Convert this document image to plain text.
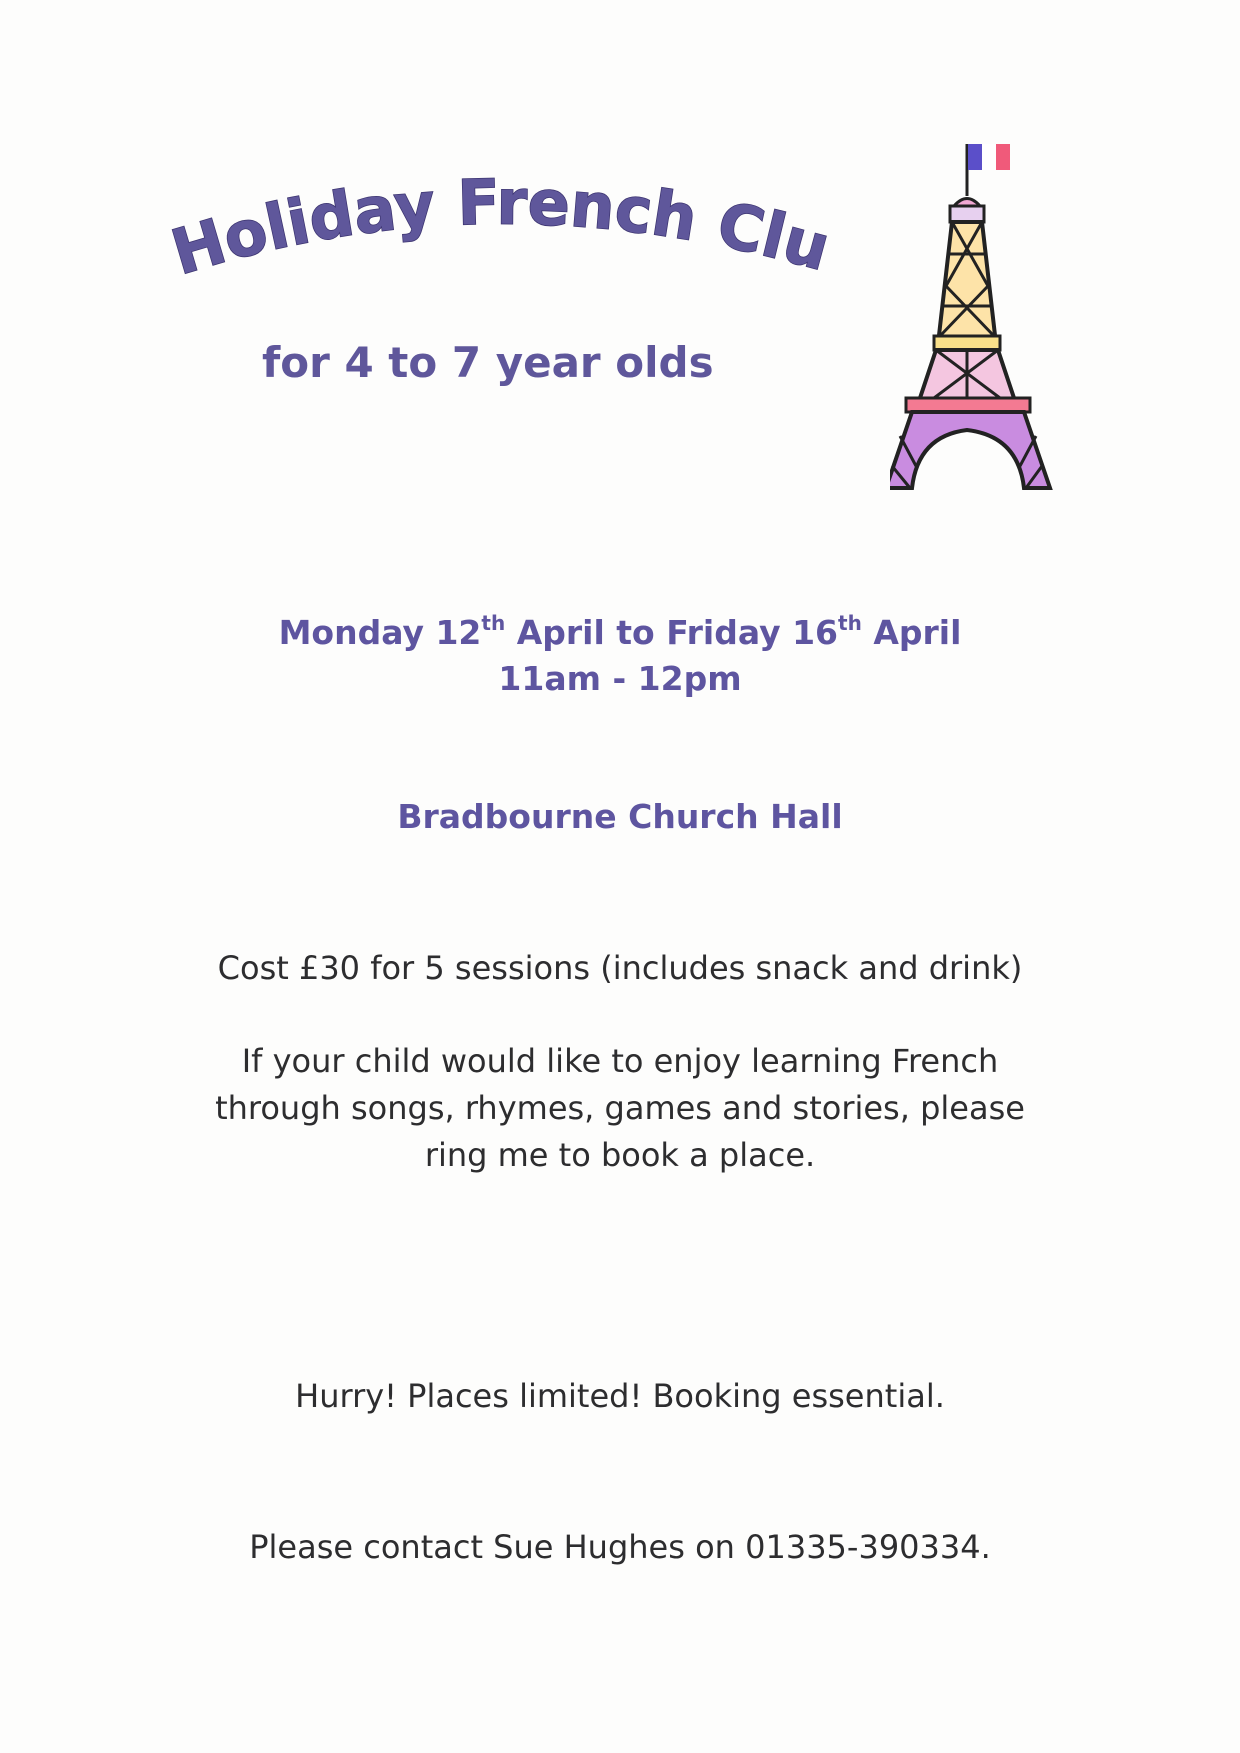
Holiday French Club
for 4 to 7 year olds
Monday 12th April to Friday 16th April
11am - 12pm
Bradbourne Church Hall
Cost £30 for 5 sessions (includes snack and drink)
If your child would like to enjoy learning French through songs, rhymes, games and stories, please ring me to book a place.
Hurry! Places limited! Booking essential.
Please contact Sue Hughes on 01335-390334.
